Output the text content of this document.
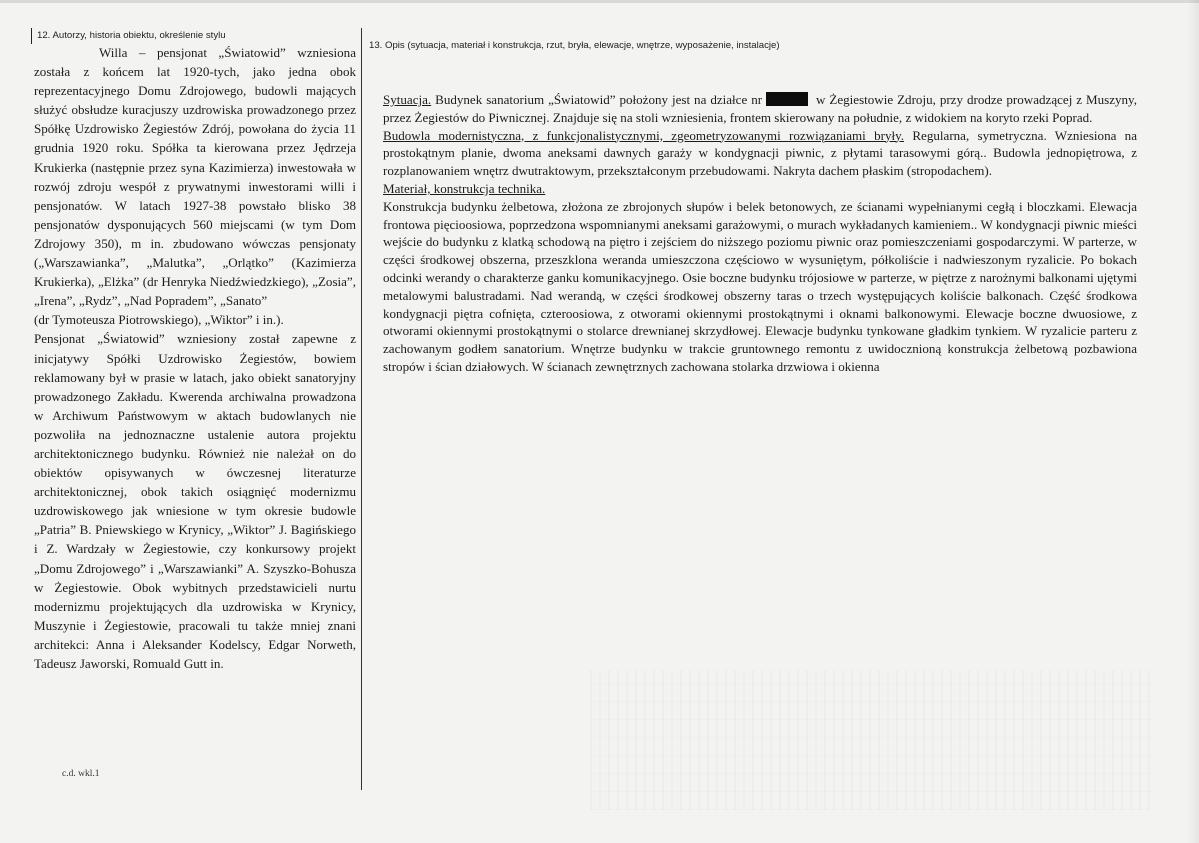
12. Autorzy, historia obiektu, określenie stylu
13. Opis (sytuacja, materiał i konstrukcja, rzut, bryła, elewacje, wnętrze, wyposażenie, instalacje)

Willa – pensjonat „Światowid” wzniesiona została z końcem lat 1920-tych, jako jedna obok reprezentacyjnego Domu Zdrojowego, budowli mających służyć obsłudze kuracjuszy uzdrowiska prowadzonego przez Spółkę Uzdrowisko Żegiestów Zdrój, powołana do życia 11 grudnia 1920 roku. Spółka ta kierowana przez Jędrzeja Krukierka (następnie przez syna Kazimierza) inwestowała w rozwój zdroju wespół z prywatnymi inwestorami willi i pensjonatów. W latach 1927-38 powstało blisko 38 pensjonatów dysponujących 560 miejscami (w tym Dom Zdrojowy 350), m in. zbudowano wówczas pensjonaty („Warszawianka”, „Malutka”, „Orlątko” (Kazimierza Krukierka), „Elżka” (dr Henryka Niedźwiedzkiego), „Zosia”, „Irena”, „Rydz”, „Nad Popradem”, „Sanato”

(dr Tymoteusza Piotrowskiego), „Wiktor” i in.).

Pensjonat „Światowid” wzniesiony został zapewne z inicjatywy Spółki Uzdrowisko Żegiestów, bowiem reklamowany był w prasie w latach, jako obiekt sanatoryjny prowadzonego Zakładu. Kwerenda archiwalna prowadzona w Archiwum Państwowym w aktach budowlanych nie pozwoliła na jednoznaczne ustalenie autora projektu architektonicznego budynku. Również nie należał on do obiektów opisywanych w ówczesnej literaturze architektonicznej, obok takich osiągnięć modernizmu uzdrowiskowego jak wniesione w tym okresie budowle „Patria” B. Pniewskiego w Krynicy, „Wiktor” J. Bagińskiego i Z. Wardzały w Żegiestowie, czy konkursowy projekt „Domu Zdrojowego” i „Warszawianki” A. Szyszko-Bohusza w Żegiestowie. Obok wybitnych przedstawicieli nurtu modernizmu projektujących dla uzdrowiska w Krynicy, Muszynie i Żegiestowie, pracowali tu także mniej znani architekci: Anna i Aleksander Kodelscy, Edgar Norweth, Tadeusz Jaworski, Romuald Gutt in.

c.d. wkl.1

Sytuacja. Budynek sanatorium „Światowid” położony jest na działce nr	w Żegiestowie Zdroju, przy drodze prowadzącej z Muszyny, przez Żegiestów do Piwnicznej. Znajduje się na stoli wzniesienia, frontem skierowany na południe, z widokiem na koryto rzeki Poprad.

Budowla modernistyczna, z funkcjonalistycznymi, zgeometryzowanymi rozwiązaniami bryły. Regularna, symetryczna. Wzniesiona na prostokątnym planie, dwoma aneksami dawnych garaży w kondygnacji piwnic, z płytami tarasowymi górą.. Budowla jednopiętrowa, z rozplanowaniem wnętrz dwutraktowym, przekształconym przebudowami. Nakryta dachem płaskim (stropodachem).

Materiał, konstrukcja technika.

Konstrukcja budynku żelbetowa, złożona ze zbrojonych słupów i belek betonowych, ze ścianami wypełnianymi cegłą i bloczkami. Elewacja frontowa pięcioosiowa, poprzedzona wspomnianymi aneksami garażowymi, o murach wykładanych kamieniem.. W kondygnacji piwnic mieści wejście do budynku z klatką schodową na piętro i zejściem do niższego poziomu piwnic oraz pomieszczeniami gospodarczymi. W parterze, w części środkowej obszerna, przeszklona weranda umieszczona częściowo w wysuniętym, półkoliście i nadwieszonym ryzalicie. Po bokach odcinki werandy o charakterze ganku komunikacyjnego. Osie boczne budynku trójosiowe w parterze, w piętrze z narożnymi balkonami ujętymi metalowymi balustradami. Nad werandą, w części środkowej obszerny taras o trzech występujących koliście balkonach. Część środkowa kondygnacji piętra cofnięta, czteroosiowa, z otworami okiennymi prostokątnymi i oknami balkonowymi. Elewacje boczne dwuosiowe, z otworami okiennymi prostokątnymi o stolarce drewnianej skrzydłowej. Elewacje budynku tynkowane gładkim tynkiem. W ryzalicie parteru z zachowanym godłem sanatorium. Wnętrze budynku w trakcie gruntownego remontu z uwidocznioną konstrukcja żelbetową pozbawiona stropów i ścian działowych. W ścianach zewnętrznych zachowana stolarka drzwiowa i okienna
